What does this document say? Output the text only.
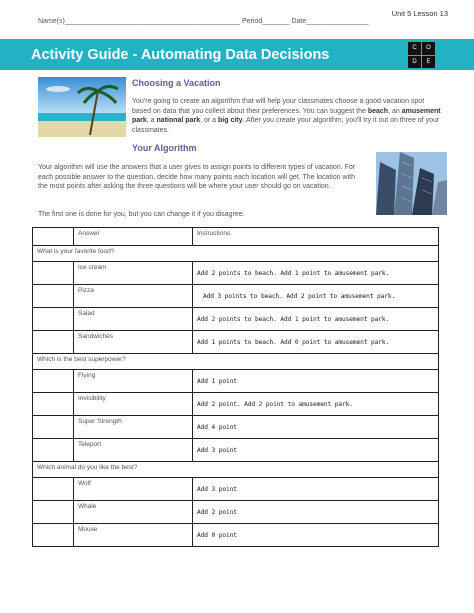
Name(s)_____________________________________________ Period_______ Date________________
Unit 5 Lesson 13
Activity Guide - Automating Data Decisions	C	O
D	E
Choosing a Vacation
You're going to create an algorithm that will help your classmates choose a good vacation spot based on data that you collect about their preferences. You can suggest the beach, an amusement park, a national park, or a big city. After you create your algorithm, you'll try it out on three of your classmates.
Your Algorithm
Your algorithm will use the answers that a user gives to assign points to different types of vacation. For each possible answer to the question, decide how many points each location will get. The location with the most points after asking the three questions will be where your user should go on vacation.
The first one is done for you, but you can change it if you disagree.
	Answer	Instructions
What is your favorite food?		
	Ice cream	Add 2 points to beach. Add 1 point to amusement park.
	Pizza	Add 3 points to beach. Add 2 point to amusement park.
	Salad	Add 2 points to beach. Add 1 point to amusement park.
	Sandwiches	Add 1 points to beach. Add 0 point to amusement park.
Which is the best superpower?		
	Flying	Add 1 point
	Invisibility	Add 2 point. Add 2 point to amusement park.
	Super Strength	Add 4 point
	Teleport	Add 3 point
Which animal do you like the best?		
	Wolf	Add 3 point
	Whale	Add 2 point
	Mouse	Add 0 point
